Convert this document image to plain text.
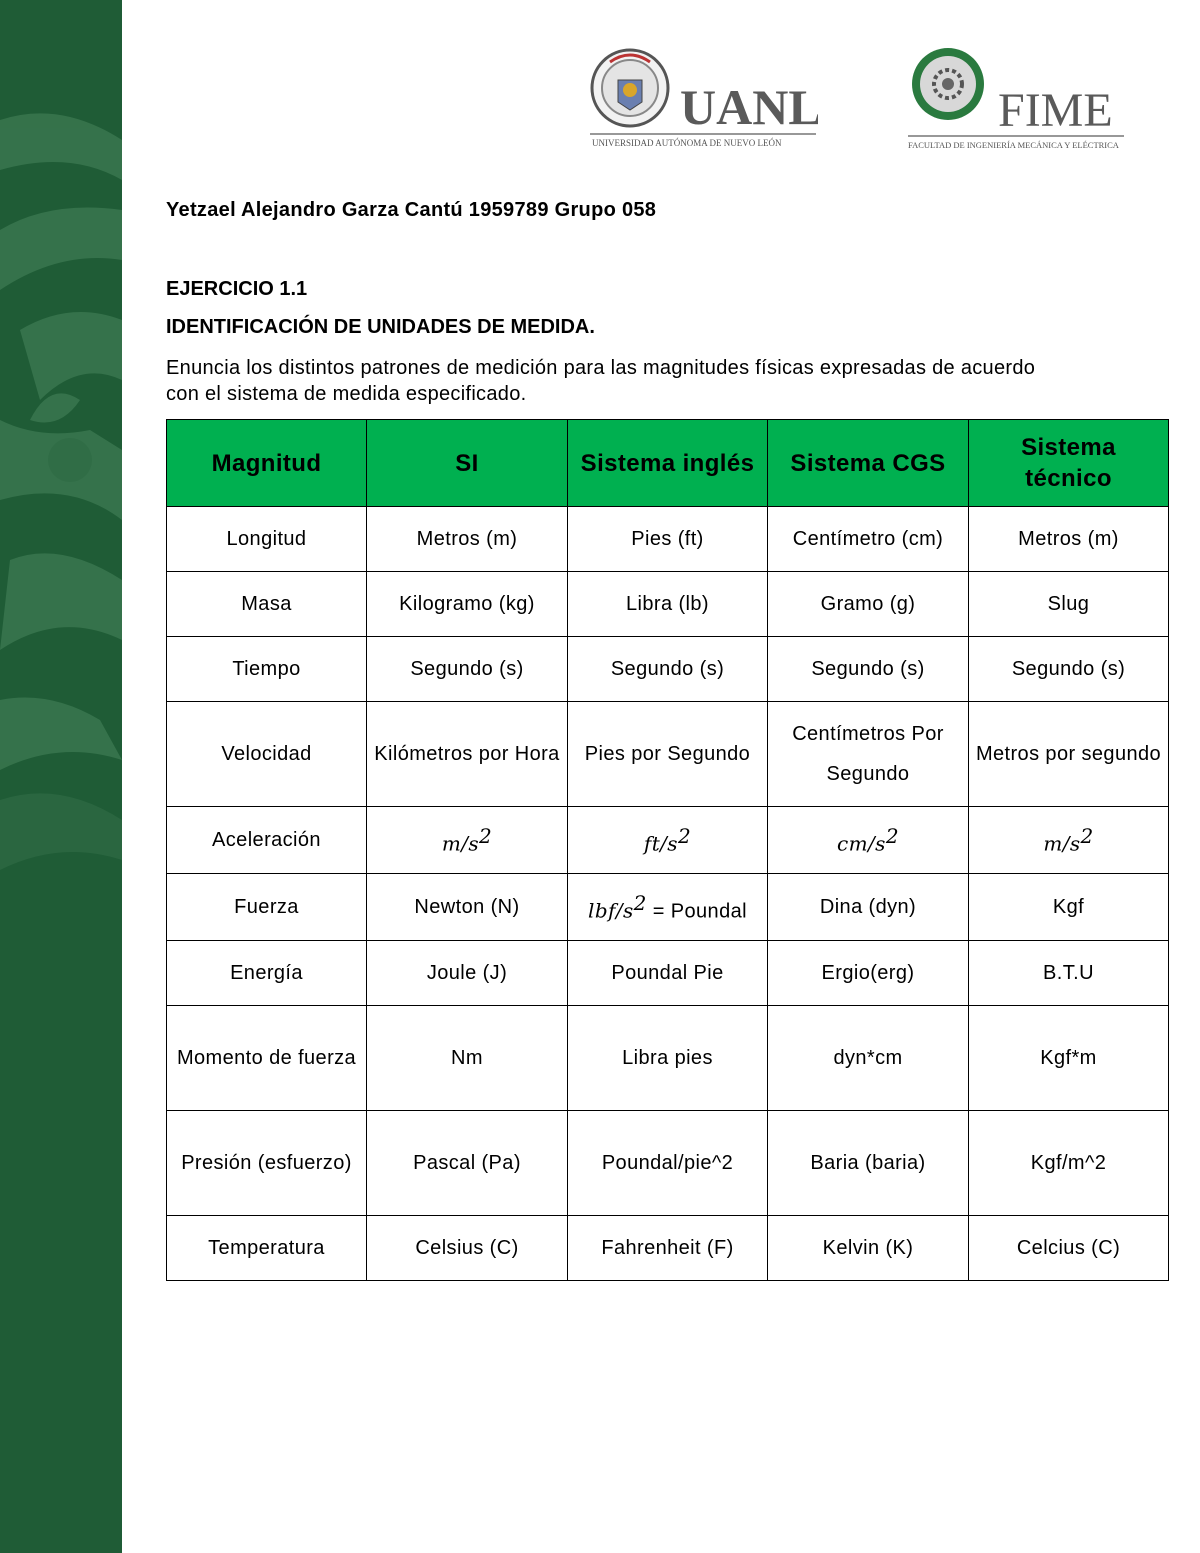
UANL
UNIVERSIDAD AUTÓNOMA DE NUEVO LEÓN
FIME
FACULTAD DE INGENIERÍA MECÁNICA Y ELÉCTRICA
Yetzael Alejandro Garza Cantú 1959789 Grupo 058
EJERCICIO 1.1
IDENTIFICACIÓN DE UNIDADES DE MEDIDA.
Enuncia los distintos patrones de medición para las magnitudes físicas expresadas de acuerdo con el sistema de medida especificado.
Magnitud	SI	Sistema inglés	Sistema CGS	Sistema técnico
Longitud	Metros (m)	Pies (ft)	Centímetro (cm)	Metros (m)
Masa	Kilogramo (kg)	Libra (lb)	Gramo (g)	Slug
Tiempo	Segundo (s)	Segundo (s)	Segundo (s)	Segundo (s)
Velocidad	Kilómetros por Hora	Pies por Segundo	Centímetros Por Segundo	Metros por segundo
Aceleración	$m/s^2$	$ft/s^2$	$cm/s^2$	$m/s^2$
Fuerza	Newton (N)	lbf/$s^2$ = Poundal	Dina (dyn)	Kgf
Energía	Joule (J)	Poundal Pie	Ergio(erg)	B.T.U
Momento de fuerza	Nm	Libra pies	dyn*cm	Kgf*m
Presión (esfuerzo)	Pascal (Pa)	Poundal/pie^2	Baria (baria)	Kgf/m^2
Temperatura	Celsius (C)	Fahrenheit (F)	Kelvin (K)	Celcius (C)
